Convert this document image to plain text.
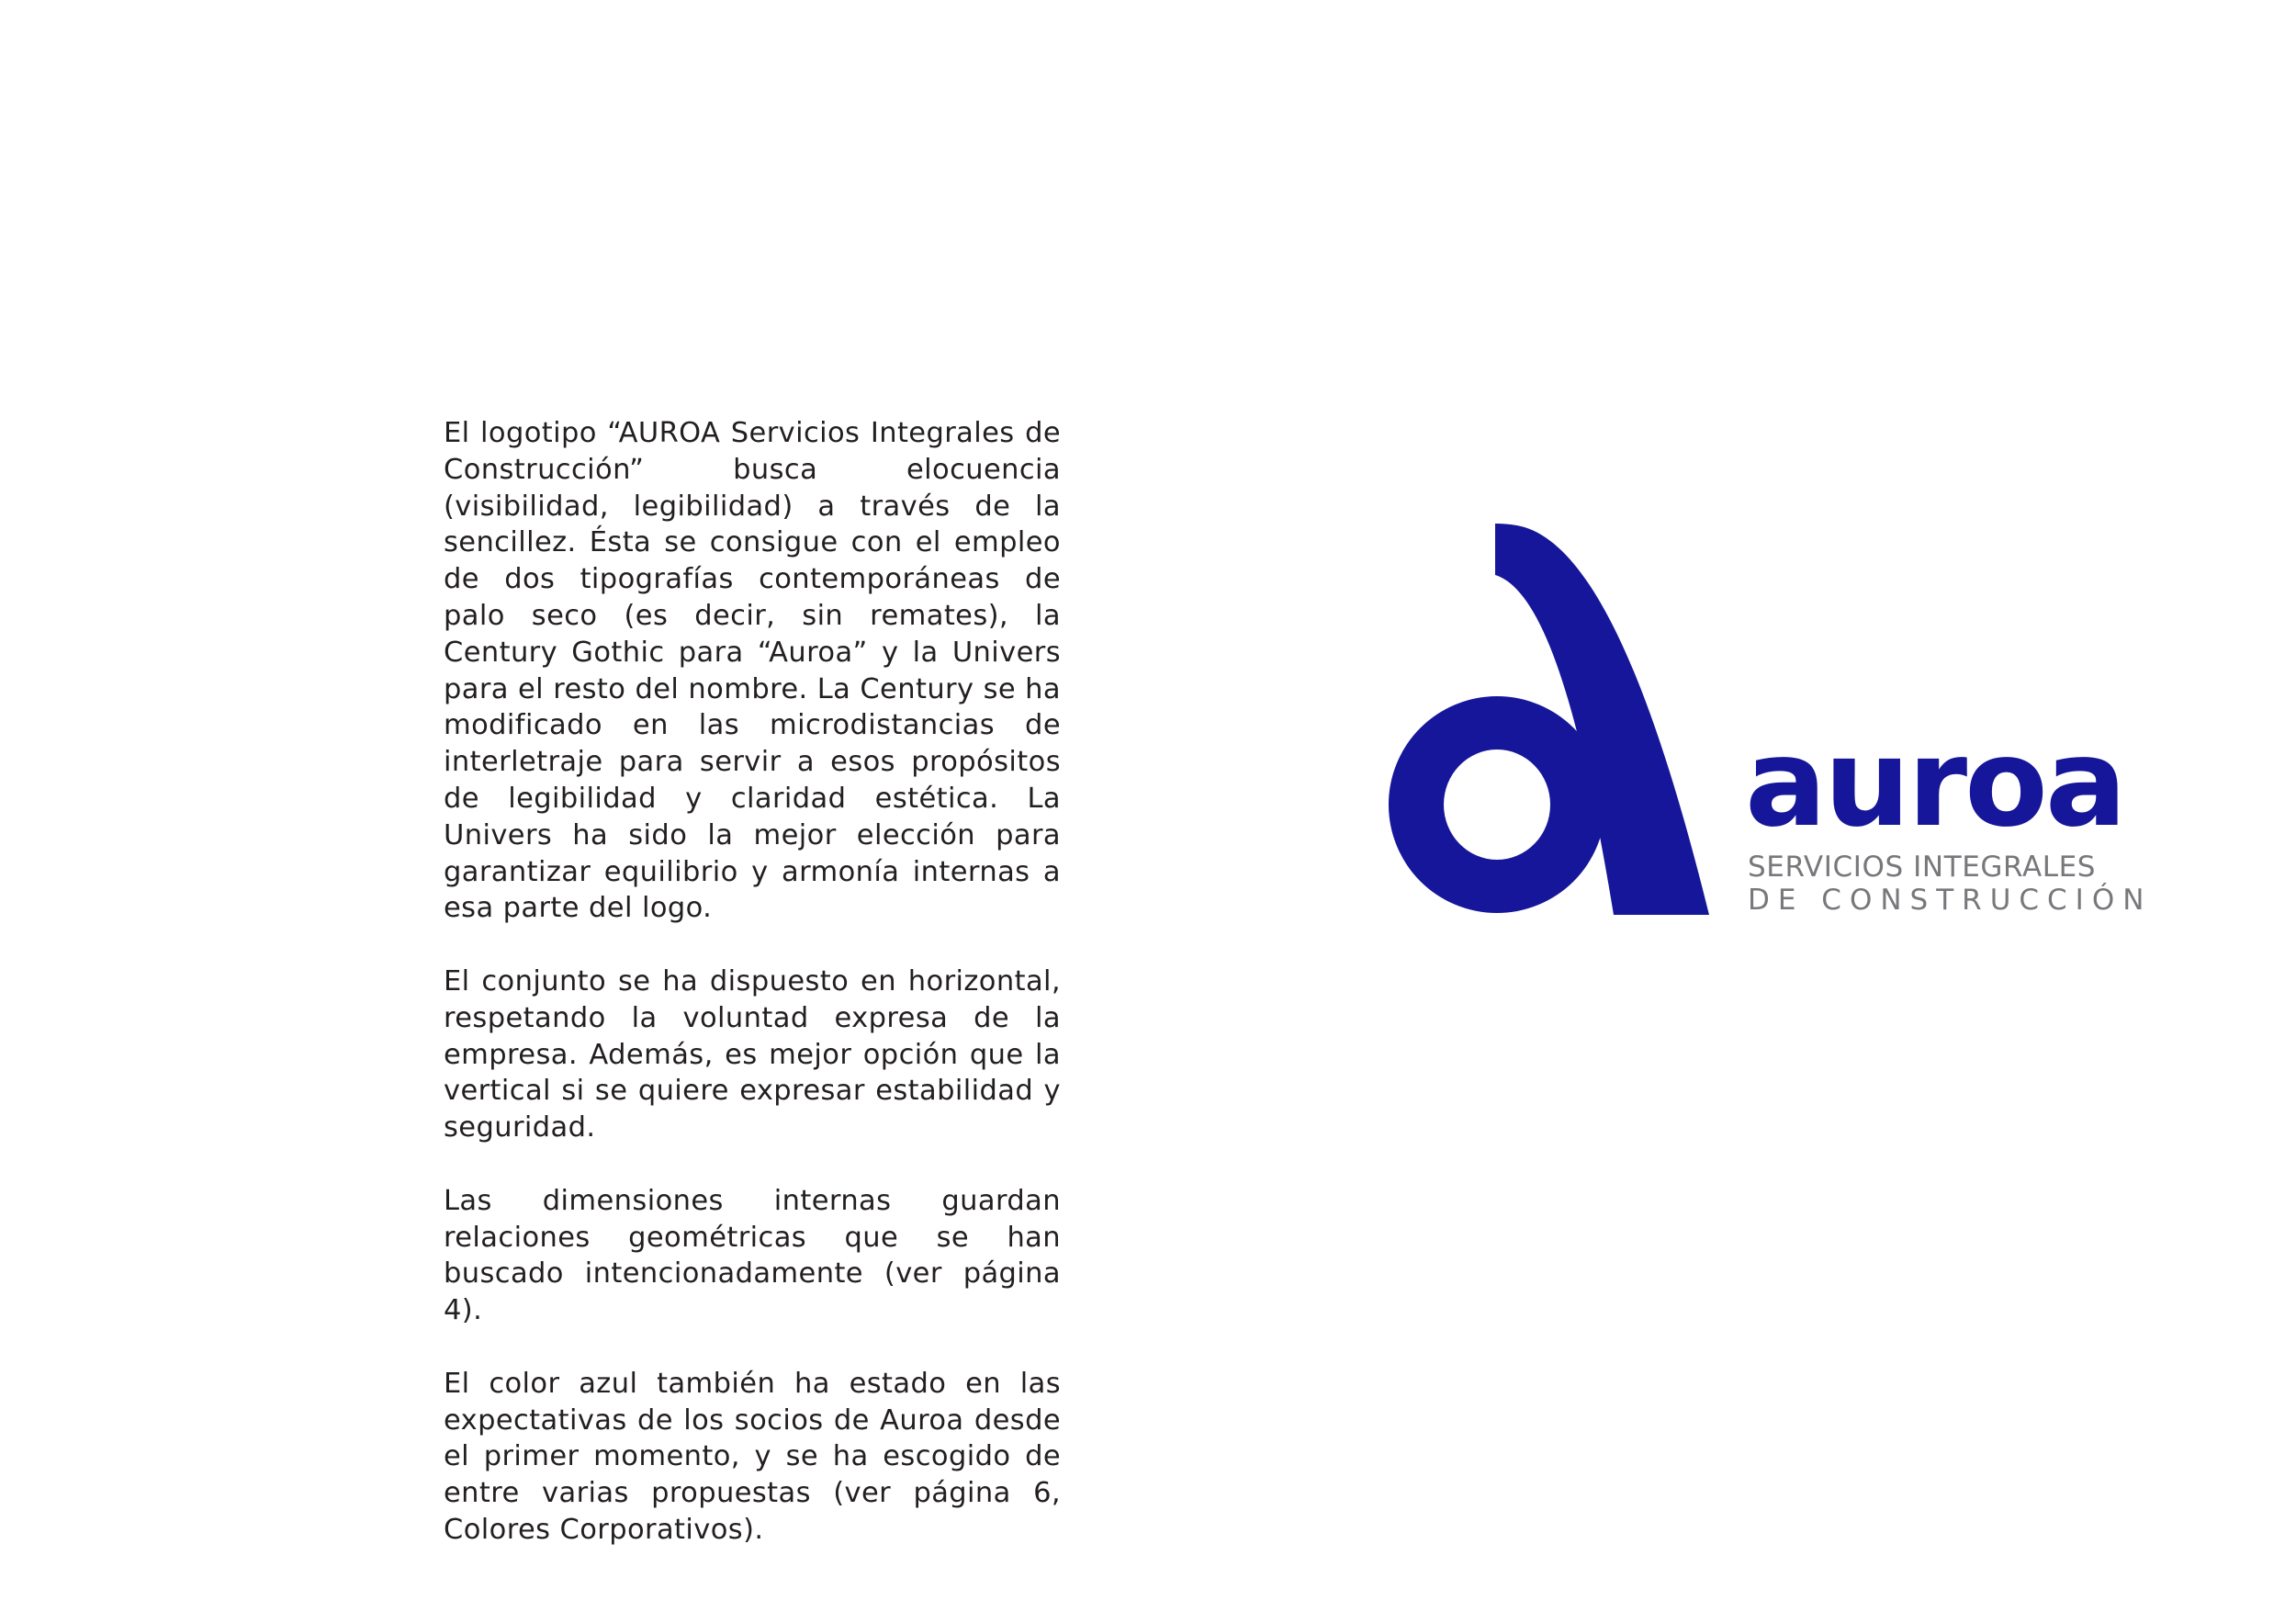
El logotipo “AUROA Servicios Integrales de Construcción” busca elocuencia (visibilidad, legibilidad) a través de la sencillez. Ésta se consigue con el empleo de dos tipografías contemporáneas de palo seco (es decir, sin remates), la Century Gothic para “Auroa” y la Univers para el resto del nombre. La Century se ha modificado en las microdistancias de interletraje para servir a esos propósitos de legibilidad y claridad estética. La Univers ha sido la mejor elección para garantizar equilibrio y armonía internas a esa parte del logo.

El conjunto se ha dispuesto en horizontal, respetando la voluntad expresa de la empresa. Además, es mejor opción que la vertical si se quiere expresar estabilidad y seguridad.

Las dimensiones internas guardan relaciones geométricas que se han buscado intencionadamente (ver página 4).

El color azul también ha estado en las expectativas de los socios de Auroa desde el primer momento, y se ha escogido de entre varias propuestas (ver página 6, Colores Corporativos).

auroa
SERVICIOS INTEGRALES
DE CONSTRUCCIÓN
